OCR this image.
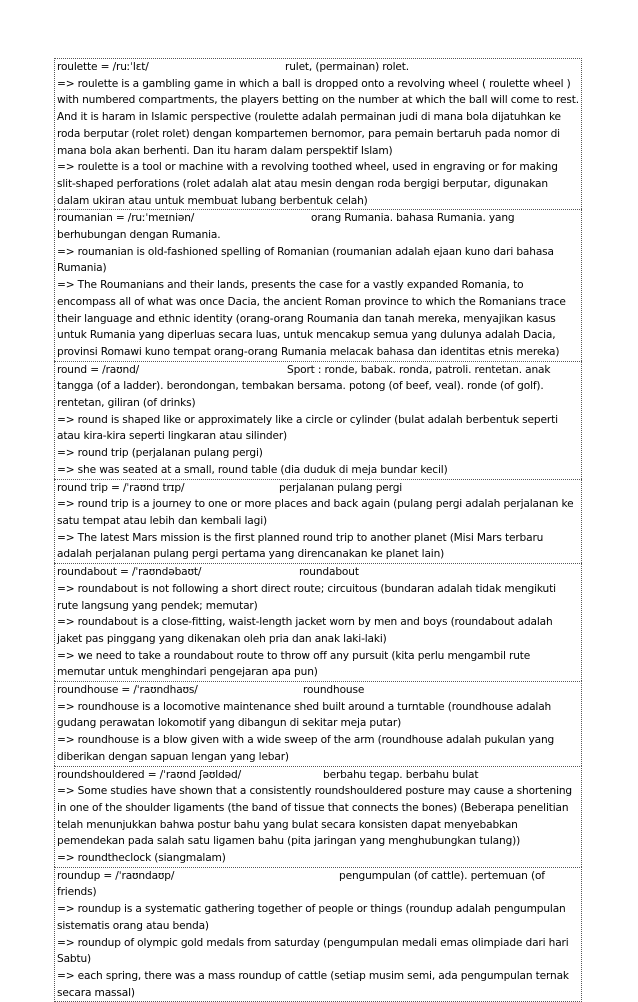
roulette = /ruːˈlɛt/	rulet, (permainan) rolet.
=> roulette is a gambling game in which a ball is dropped onto a revolving wheel ( roulette wheel ) with numbered compartments, the players betting on the number at which the ball will come to rest. And it is haram in Islamic perspective (roulette adalah permainan judi di mana bola dijatuhkan ke roda berputar (rolet rolet) dengan kompartemen bernomor, para pemain bertaruh pada nomor di mana bola akan berhenti. Dan itu haram dalam perspektif Islam)
=> roulette is a tool or machine with a revolving toothed wheel, used in engraving or for making slit-shaped perforations (rolet adalah alat atau mesin dengan roda bergigi berputar, digunakan dalam ukiran atau untuk membuat lubang berbentuk celah)
roumanian = /ruːˈmeɪniən/	orang Rumania. bahasa Rumania. yang berhubungan dengan Rumania.
=> roumanian is old-fashioned spelling of Romanian (roumanian adalah ejaan kuno dari bahasa Rumania)
=> The Roumanians and their lands, presents the case for a vastly expanded Romania, to encompass all of what was once Dacia, the ancient Roman province to which the Romanians trace their language and ethnic identity (orang-orang Roumania dan tanah mereka, menyajikan kasus untuk Rumania yang diperluas secara luas, untuk mencakup semua yang dulunya adalah Dacia, provinsi Romawi kuno tempat orang-orang Rumania melacak bahasa dan identitas etnis mereka)
round = /raʊnd/	Sport : ronde, babak. ronda, patroli. rentetan. anak tangga (of a ladder). berondongan, tembakan bersama. potong (of beef, veal). ronde (of golf). rentetan, giliran (of drinks)
=> round is shaped like or approximately like a circle or cylinder (bulat adalah berbentuk seperti atau kira-kira seperti lingkaran atau silinder)
=> round trip (perjalanan pulang pergi)
=> she was seated at a small, round table (dia duduk di meja bundar kecil)
round trip = /ˈraʊnd trɪp/	perjalanan pulang pergi
=> round trip is a journey to one or more places and back again (pulang pergi adalah perjalanan ke satu tempat atau lebih dan kembali lagi)
=> The latest Mars mission is the first planned round trip to another planet (Misi Mars terbaru adalah perjalanan pulang pergi pertama yang direncanakan ke planet lain)
roundabout = /ˈraʊndəbaʊt/	roundabout
=> roundabout is not following a short direct route; circuitous (bundaran adalah tidak mengikuti rute langsung yang pendek; memutar)
=> roundabout is a close-fitting, waist-length jacket worn by men and boys (roundabout adalah jaket pas pinggang yang dikenakan oleh pria dan anak laki-laki)
=> we need to take a roundabout route to throw off any pursuit (kita perlu mengambil rute memutar untuk menghindari pengejaran apa pun)
roundhouse = /ˈraʊndhaʊs/	roundhouse
=> roundhouse is a locomotive maintenance shed built around a turntable (roundhouse adalah gudang perawatan lokomotif yang dibangun di sekitar meja putar)
=> roundhouse is a blow given with a wide sweep of the arm (roundhouse adalah pukulan yang diberikan dengan sapuan lengan yang lebar)
roundshouldered = /ˈraʊnd ʃəʊldəd/	berbahu tegap. berbahu bulat
=> Some studies have shown that a consistently roundshouldered posture may cause a shortening in one of the shoulder ligaments (the band of tissue that connects the bones) (Beberapa penelitian telah menunjukkan bahwa postur bahu yang bulat secara konsisten dapat menyebabkan pemendekan pada salah satu ligamen bahu (pita jaringan yang menghubungkan tulang))
=> roundtheclock (siangmalam)
roundup = /ˈraʊndaʊp/	pengumpulan (of cattle). pertemuan (of friends)
=> roundup is a systematic gathering together of people or things (roundup adalah pengumpulan sistematis orang atau benda)
=> roundup of olympic gold medals from saturday (pengumpulan medali emas olimpiade dari hari Sabtu)
=> each spring, there was a mass roundup of cattle (setiap musim semi, ada pengumpulan ternak secara massal)
